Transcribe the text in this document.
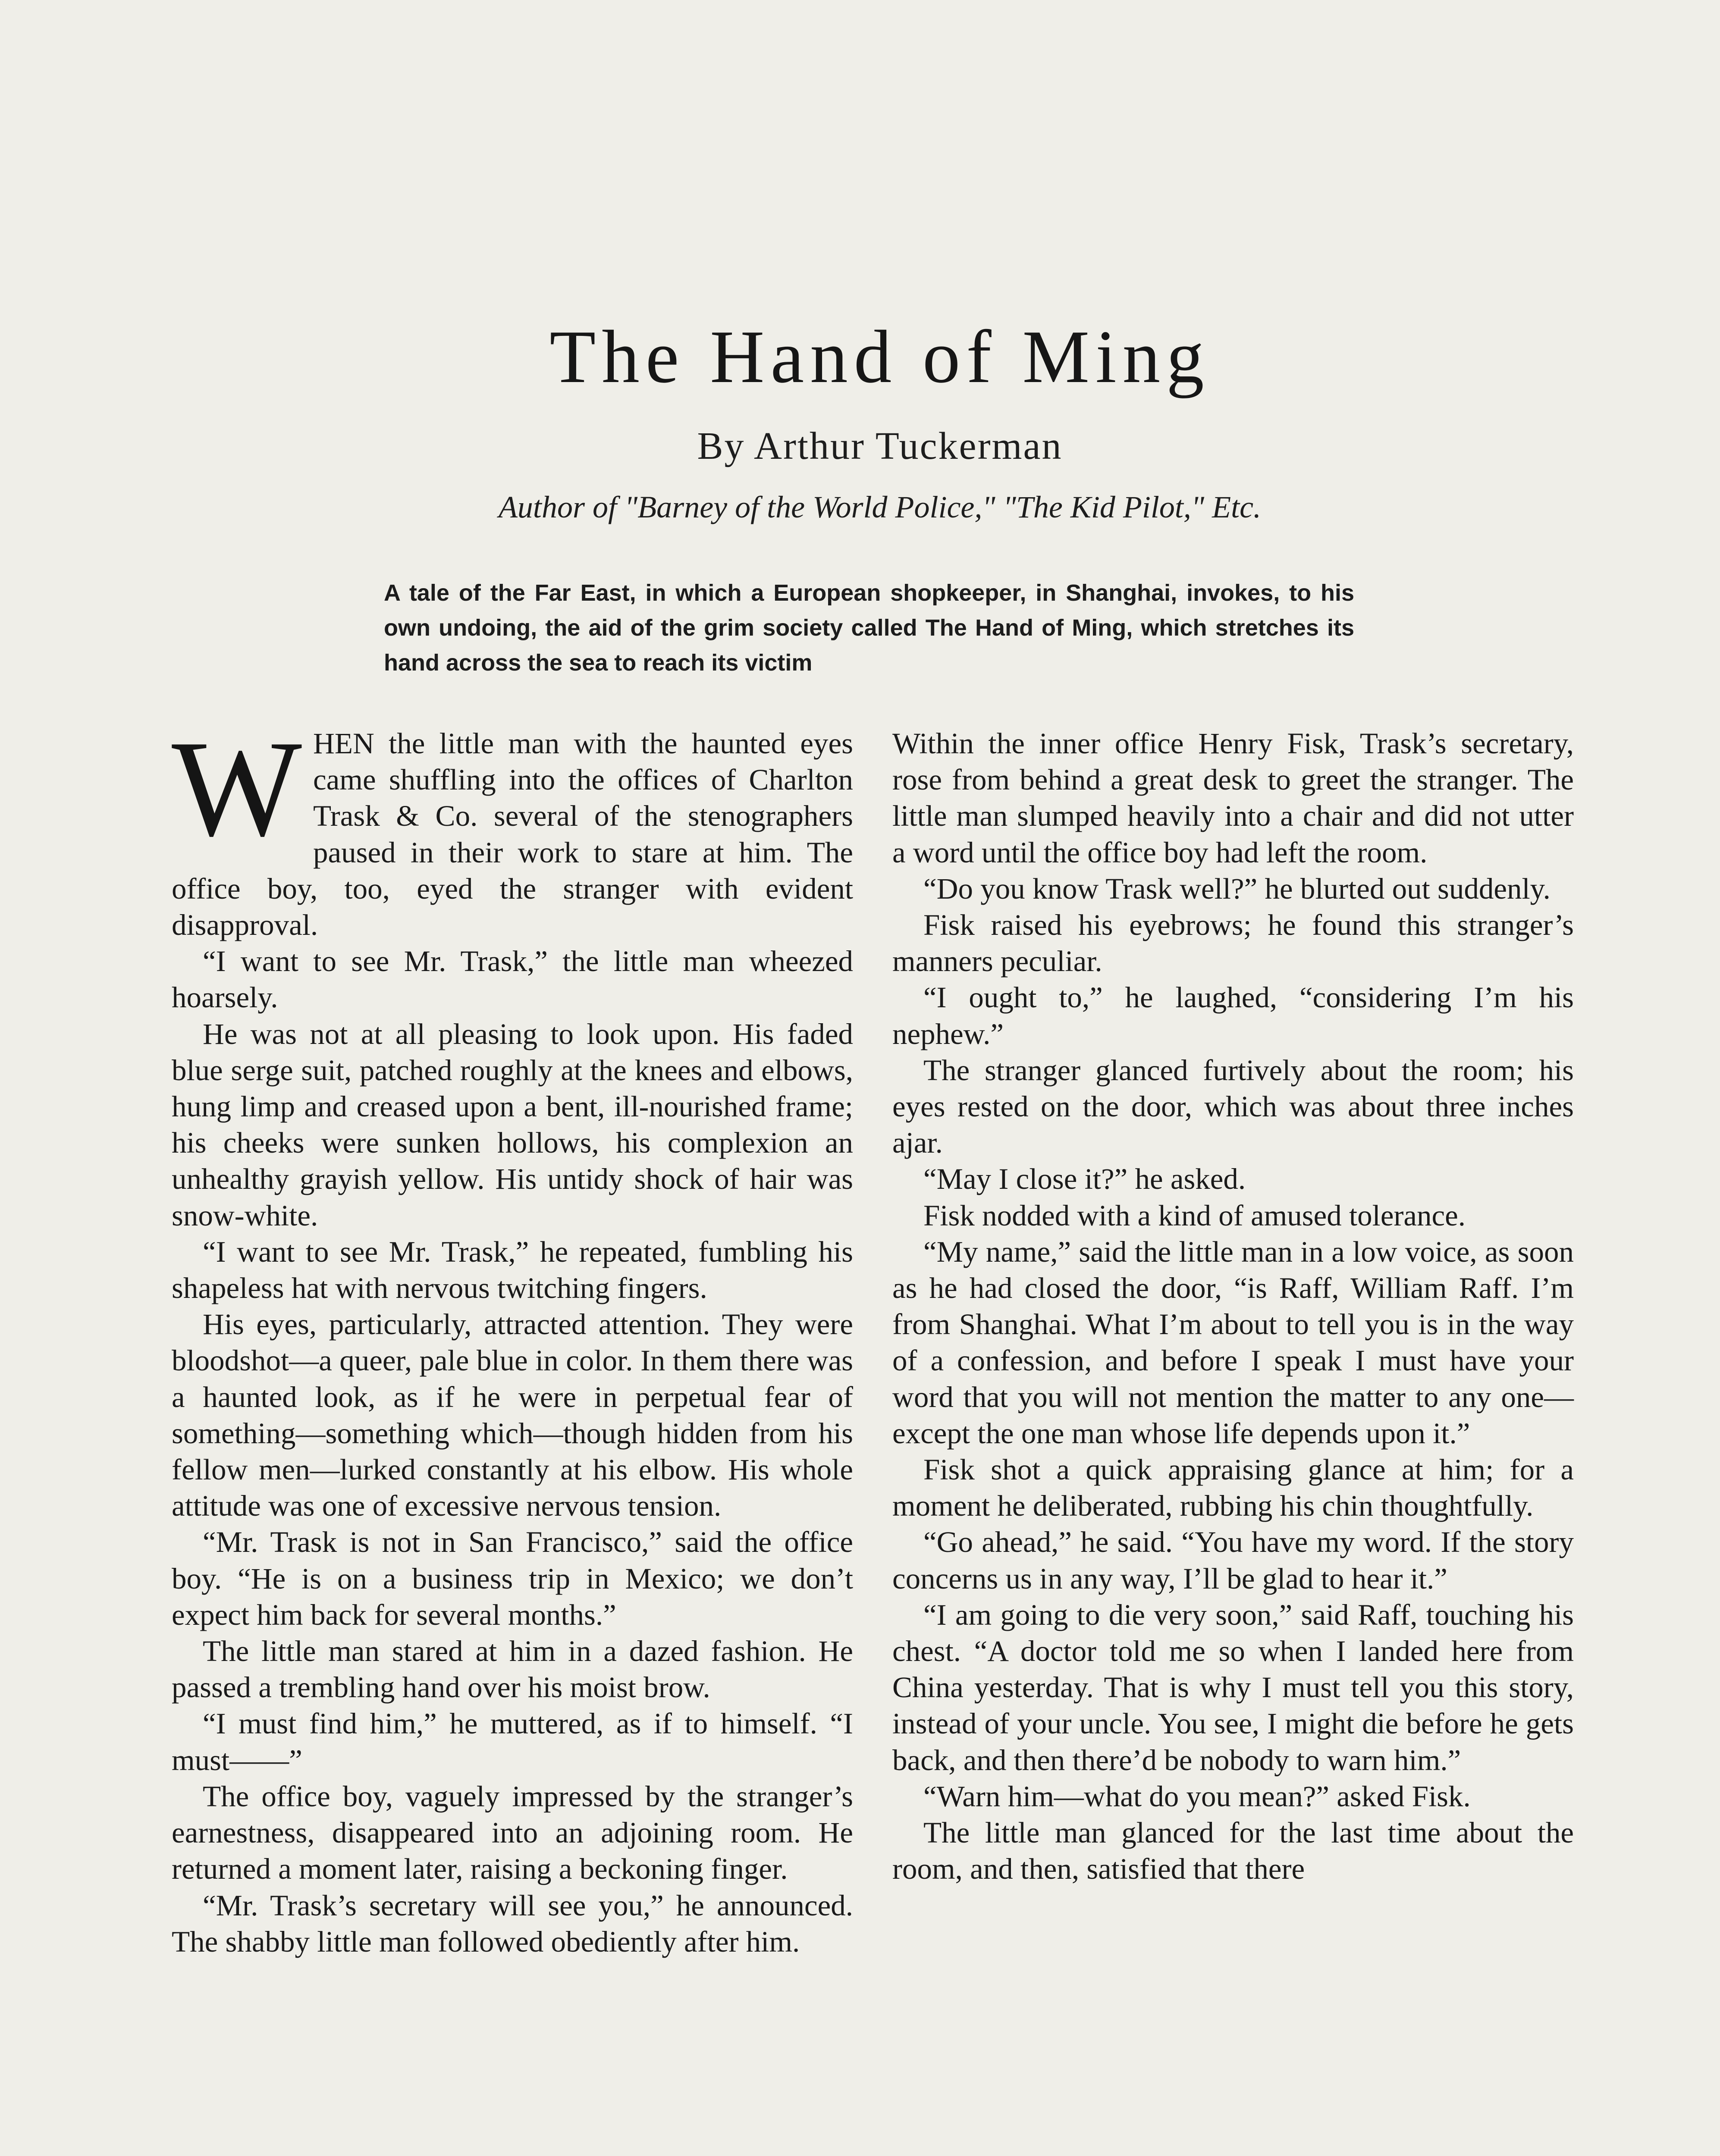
The Hand of Ming
By Arthur Tuckerman
Author of "Barney of the World Police," "The Kid Pilot," Etc.

A tale of the Far East, in which a European shopkeeper, in Shanghai, invokes, to his own undoing, the aid of the grim society called The Hand of Ming, which stretches its hand across the sea to reach its victim

WHEN the little man with the haunted eyes came shuffling into the offices of Charlton Trask & Co. several of the stenographers paused in their work to stare at him. The office boy, too, eyed the stranger with evident disapproval.

“I want to see Mr. Trask,” the little man wheezed hoarsely.

He was not at all pleasing to look upon. His faded blue serge suit, patched roughly at the knees and elbows, hung limp and creased upon a bent, ill-nourished frame; his cheeks were sunken hollows, his complexion an unhealthy grayish yellow. His untidy shock of hair was snow-white.

“I want to see Mr. Trask,” he repeated, fumbling his shapeless hat with nervous twitching fingers.

His eyes, particularly, attracted attention. They were bloodshot—a queer, pale blue in color. In them there was a haunted look, as if he were in perpetual fear of something—something which—though hidden from his fellow men—lurked constantly at his elbow. His whole attitude was one of excessive nervous tension.

“Mr. Trask is not in San Francisco,” said the office boy. “He is on a business trip in Mexico; we don’t expect him back for several months.”

The little man stared at him in a dazed fashion. He passed a trembling hand over his moist brow.

“I must find him,” he muttered, as if to himself. “I must——”

The office boy, vaguely impressed by the stranger’s earnestness, disappeared into an adjoining room. He returned a moment later, raising a beckoning finger.

“Mr. Trask’s secretary will see you,” he announced. The shabby little man followed obediently after him.

Within the inner office Henry Fisk, Trask’s secretary, rose from behind a great desk to greet the stranger. The little man slumped heavily into a chair and did not utter a word until the office boy had left the room.

“Do you know Trask well?” he blurted out suddenly.

Fisk raised his eyebrows; he found this stranger’s manners peculiar.

“I ought to,” he laughed, “considering I’m his nephew.”

The stranger glanced furtively about the room; his eyes rested on the door, which was about three inches ajar.

“May I close it?” he asked.

Fisk nodded with a kind of amused tolerance.

“My name,” said the little man in a low voice, as soon as he had closed the door, “is Raff, William Raff. I’m from Shanghai. What I’m about to tell you is in the way of a confession, and before I speak I must have your word that you will not mention the matter to any one—except the one man whose life depends upon it.”

Fisk shot a quick appraising glance at him; for a moment he deliberated, rubbing his chin thoughtfully.

“Go ahead,” he said. “You have my word. If the story concerns us in any way, I’ll be glad to hear it.”

“I am going to die very soon,” said Raff, touching his chest. “A doctor told me so when I landed here from China yesterday. That is why I must tell you this story, instead of your uncle. You see, I might die before he gets back, and then there’d be nobody to warn him.”

“Warn him—what do you mean?” asked Fisk.

The little man glanced for the last time about the room, and then, satisfied that there
